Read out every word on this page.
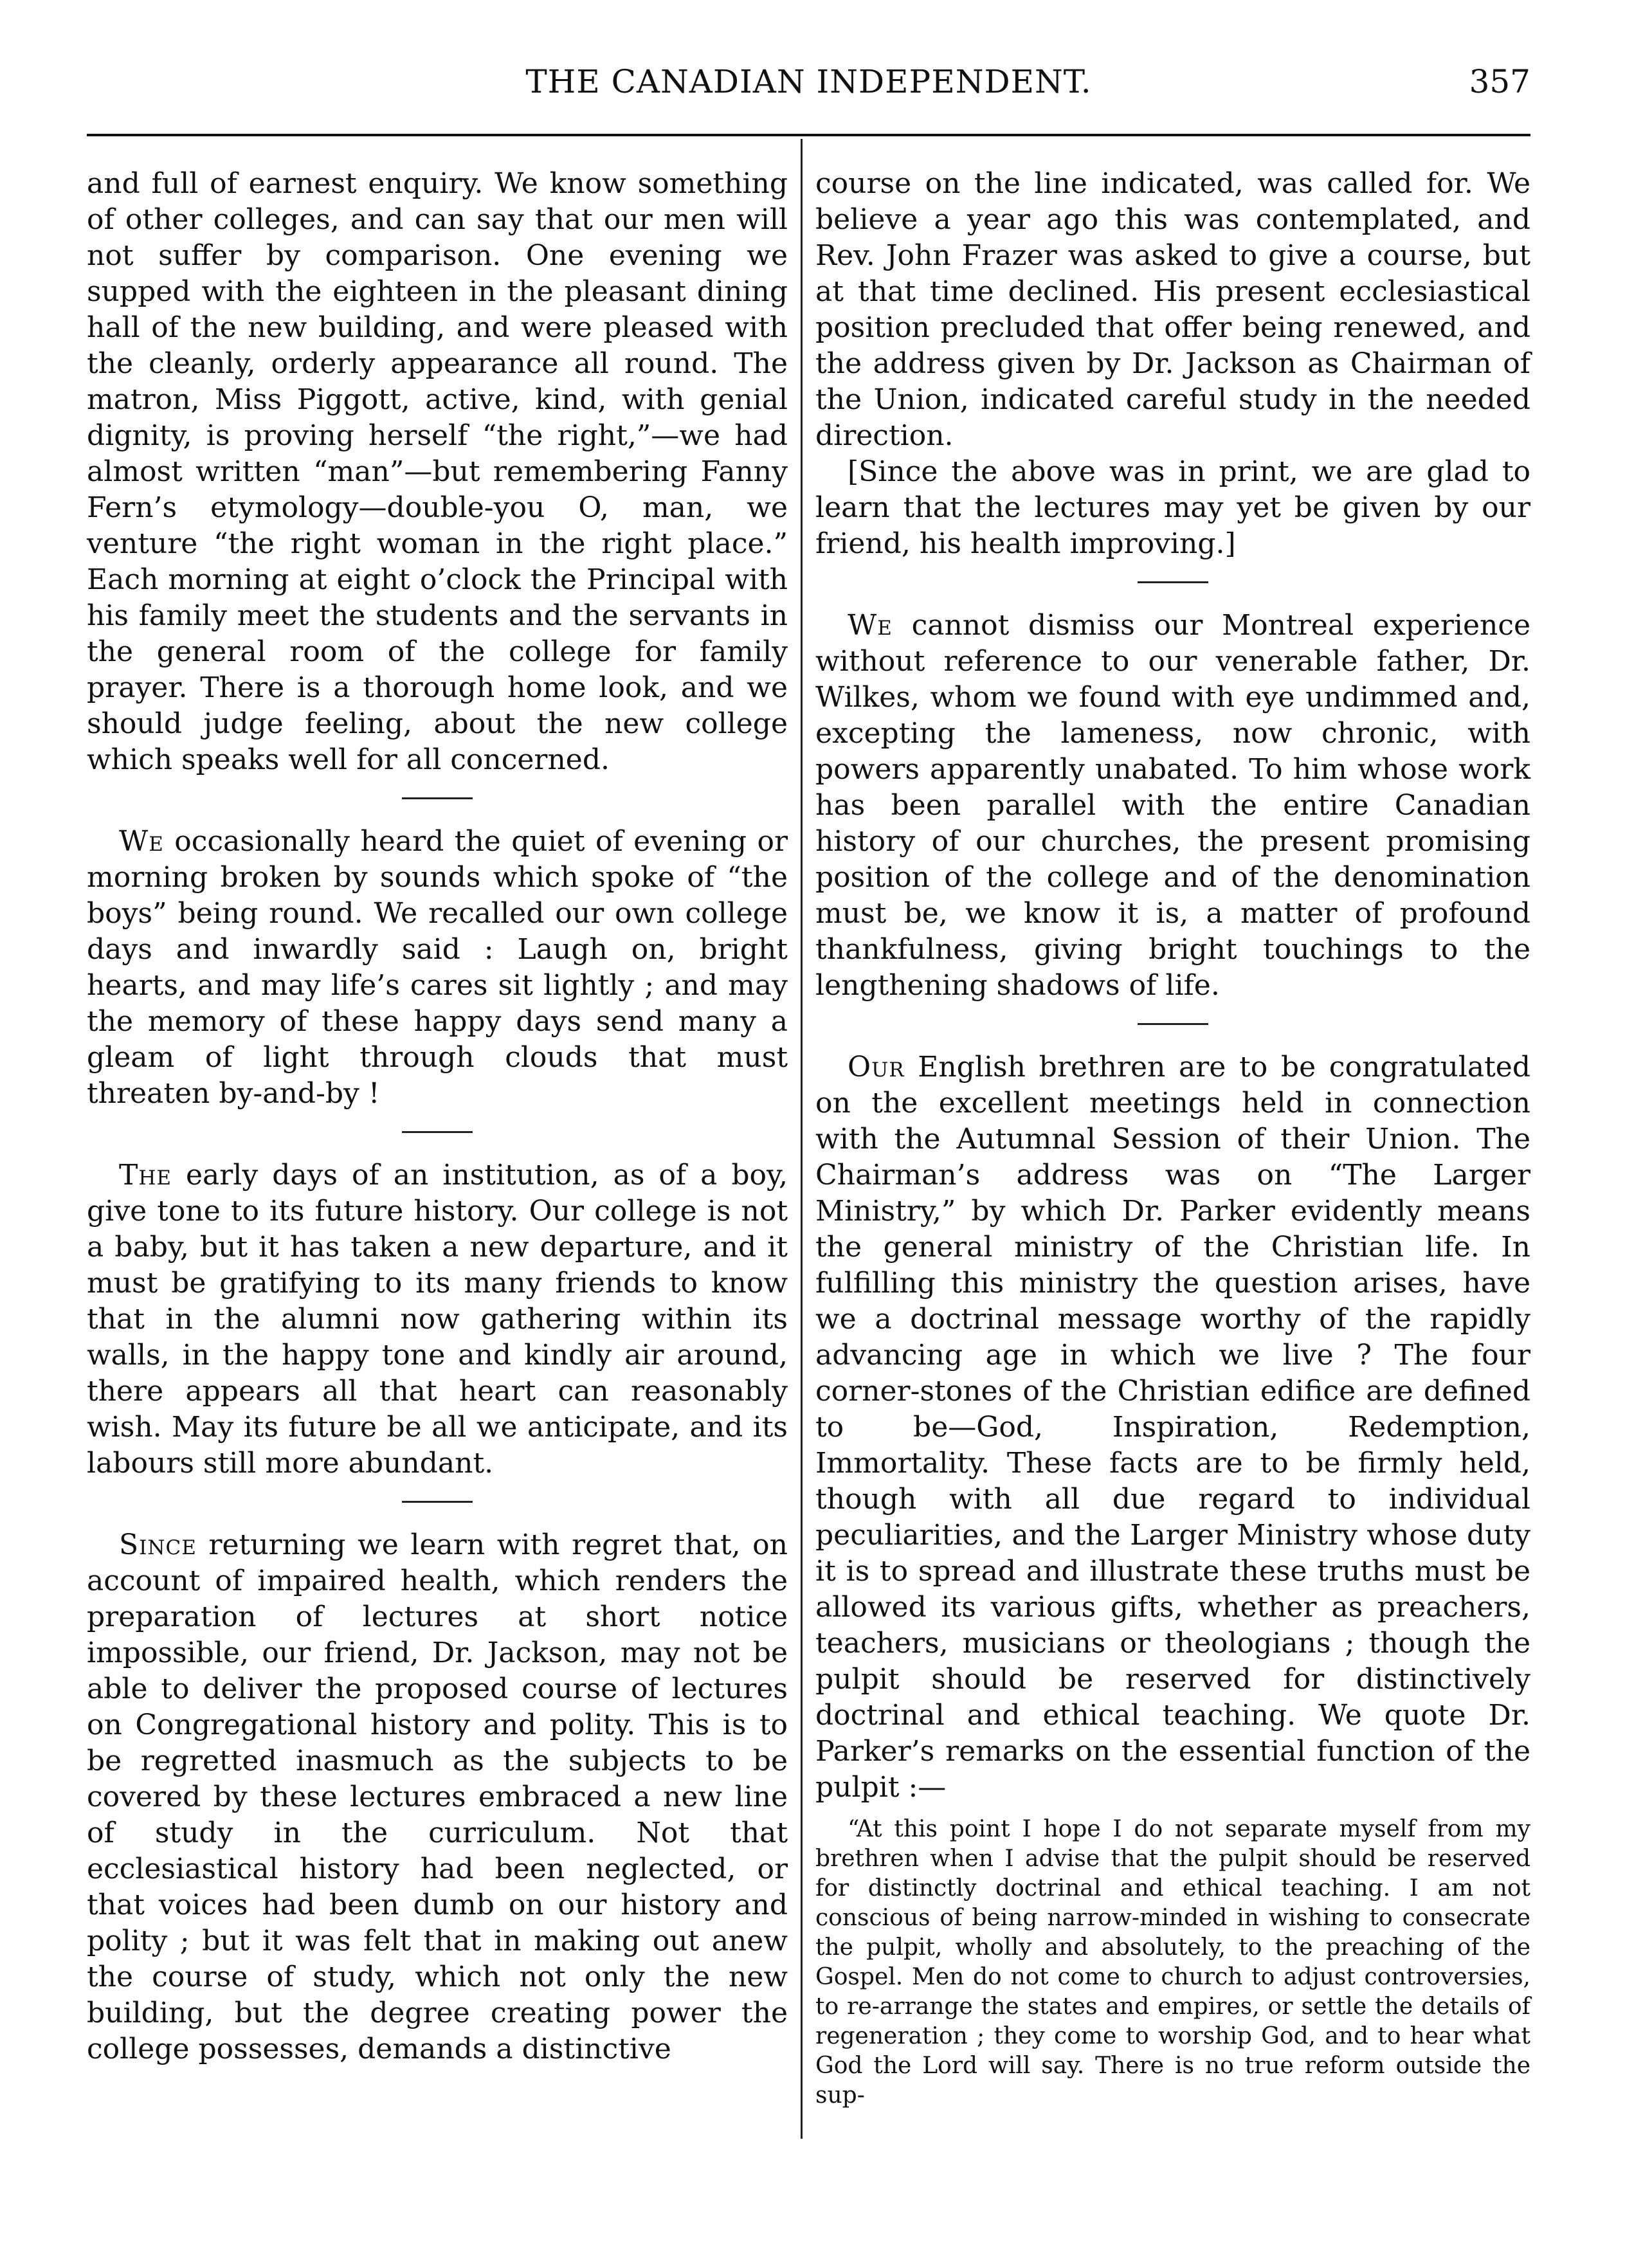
THE CANADIAN INDEPENDENT.	357

and full of earnest enquiry. We know something of other colleges, and can say that our men will not suffer by comparison. One evening we supped with the eighteen in the pleasant dining hall of the new building, and were pleased with the cleanly, orderly appearance all round. The matron, Miss Piggott, active, kind, with genial dignity, is proving herself “the right,”—we had almost written “man”—but remembering Fanny Fern’s etymology—double-you O, man, we venture “the right woman in the right place.” Each morning at eight o’clock the Principal with his family meet the students and the servants in the general room of the college for family prayer. There is a thorough home look, and we should judge feeling, about the new college which speaks well for all concerned.

We occasionally heard the quiet of evening or morning broken by sounds which spoke of “the boys” being round. We recalled our own college days and inwardly said : Laugh on, bright hearts, and may life’s cares sit lightly ; and may the memory of these happy days send many a gleam of light through clouds that must threaten by-and-by !

The early days of an institution, as of a boy, give tone to its future history. Our college is not a baby, but it has taken a new departure, and it must be gratifying to its many friends to know that in the alumni now gathering within its walls, in the happy tone and kindly air around, there appears all that heart can reasonably wish. May its future be all we anticipate, and its labours still more abundant.

Since returning we learn with regret that, on account of impaired health, which renders the preparation of lectures at short notice impossible, our friend, Dr. Jackson, may not be able to deliver the proposed course of lectures on Congregational history and polity. This is to be regretted inasmuch as the subjects to be covered by these lectures embraced a new line of study in the curriculum. Not that ecclesiastical history had been neglected, or that voices had been dumb on our history and polity ; but it was felt that in making out anew the course of study, which not only the new building, but the degree creating power the college possesses, demands a distinctive

course on the line indicated, was called for. We believe a year ago this was contemplated, and Rev. John Frazer was asked to give a course, but at that time declined. His present ecclesiastical position precluded that offer being renewed, and the address given by Dr. Jackson as Chairman of the Union, indicated careful study in the needed direction.

[Since the above was in print, we are glad to learn that the lectures may yet be given by our friend, his health improving.]

We cannot dismiss our Montreal experience without reference to our venerable father, Dr. Wilkes, whom we found with eye undimmed and, excepting the lameness, now chronic, with powers apparently unabated. To him whose work has been parallel with the entire Canadian history of our churches, the present promising position of the college and of the denomination must be, we know it is, a matter of profound thankfulness, giving bright touchings to the lengthening shadows of life.

Our English brethren are to be congratulated on the excellent meetings held in connection with the Autumnal Session of their Union. The Chairman’s address was on “The Larger Ministry,” by which Dr. Parker evidently means the general ministry of the Christian life. In fulfilling this ministry the question arises, have we a doctrinal message worthy of the rapidly advancing age in which we live ? The four corner-stones of the Christian edifice are defined to be—God, Inspiration, Redemption, Immortality. These facts are to be firmly held, though with all due regard to individual peculiarities, and the Larger Ministry whose duty it is to spread and illustrate these truths must be allowed its various gifts, whether as preachers, teachers, musicians or theologians ; though the pulpit should be reserved for distinctively doctrinal and ethical teaching. We quote Dr. Parker’s remarks on the essential function of the pulpit :—

“At this point I hope I do not separate myself from my brethren when I advise that the pulpit should be reserved for distinctly doctrinal and ethical teaching. I am not conscious of being narrow-minded in wishing to consecrate the pulpit, wholly and absolutely, to the preaching of the Gospel. Men do not come to church to adjust controversies, to re-arrange the states and empires, or settle the details of regeneration ; they come to worship God, and to hear what God the Lord will say. There is no true reform outside the sup-
